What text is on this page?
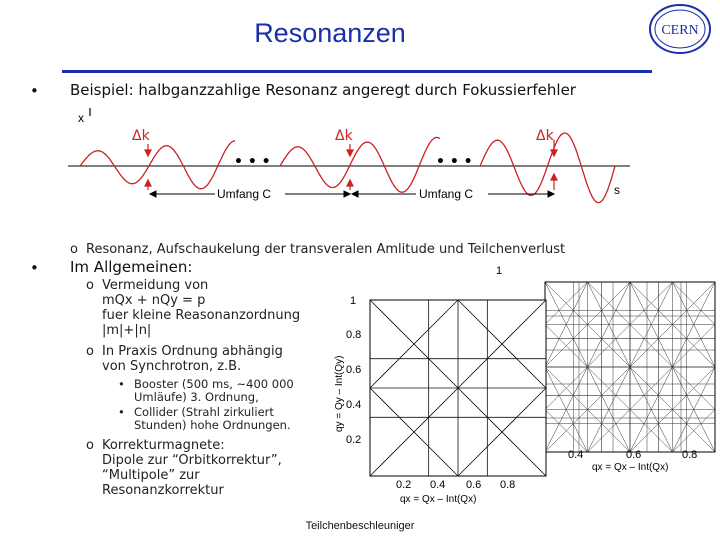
Resonanzen	CERN
• Beispiel: halbganzzahlige Resonanz angeregt durch Fokussierfehler
x
Δk	Δk	Δk
• • •	• • •
Umfang C	Umfang C	s
o Resonanz, Aufschaukelung der transveralen Amlitude und Teilchenverlust
• Im Allgemeinen:
o Vermeidung von
mQx + nQy = p
fuer kleine Reasonanzordnung
|m|+|n|
o In Praxis Ordnung abhängig
von Synchrotron, z.B.
• Booster (500 ms, ~400 000
Umläufe) 3. Ordnung,
• Collider (Strahl zirkuliert
Stunden) hohe Ordnungen.
o Korrekturmagnete:
Dipole zur “Orbitkorrektur”,
“Multipole” zur
Resonanzkorrektur
1
0.4	0.6	0.8
qx = Qx – Int(Qx)
qy = Qy – Int(Qy)
1
0.8
0.6
0.4
0.2
0.2 0.4 0.6 0.8
qx = Qx – Int(Qx)
Teilchenbeschleuniger
